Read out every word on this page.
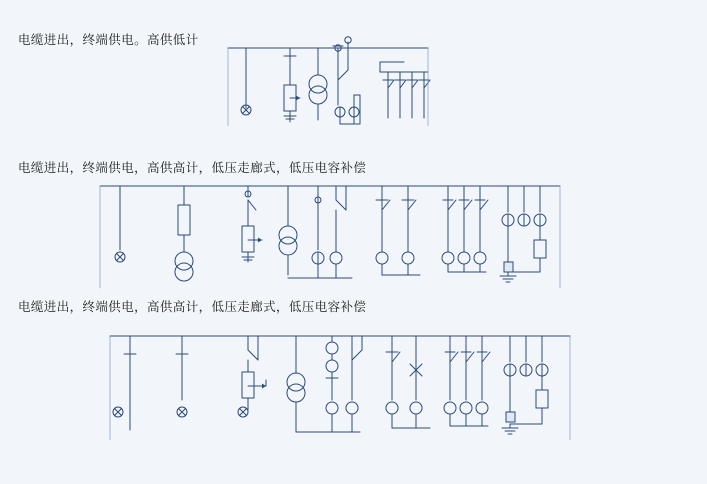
电缆进出，终端供电。高供低计
电缆进出，终端供电，高供高计，低压走廊式，低压电容补偿
电缆进出，终端供电，高供高计，低压走廊式，低压电容补偿
